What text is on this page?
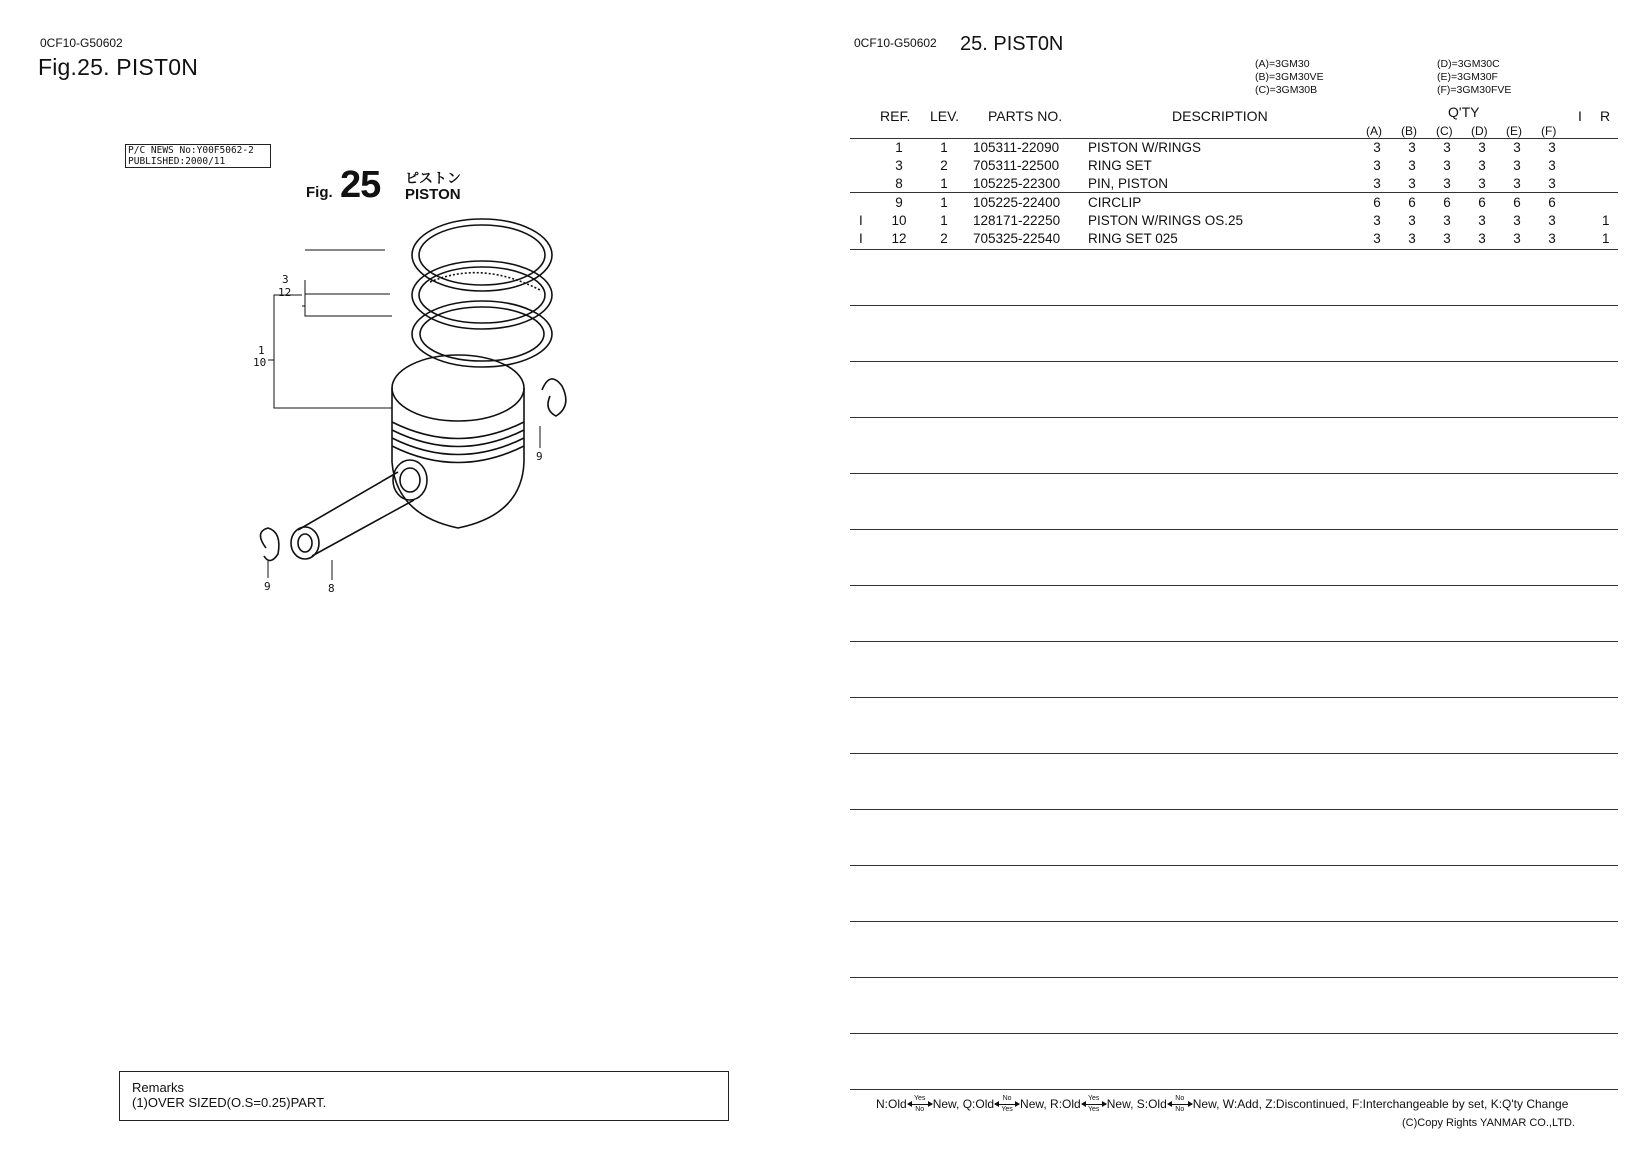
0CF10-G50602
Fig.25. PIST0N
P/C NEWS No:Y00F5062-2
PUBLISHED:2000/11
Fig. 25 ピストン
PISTON
3
12
1
10
9
8
9
Remarks
(1)OVER SIZED(O.S=0.25)PART.
0CF10-G50602 25. PIST0N
(A)=3GM30
(B)=3GM30VE
(C)=3GM30B
(D)=3GM30C
(E)=3GM30F
(F)=3GM30FVE
REF. LEV. PARTS NO.	DESCRIPTION	Q'TY	I R
(A) (B) (C) (D) (E) (F)
1	1 105311-22090 PISTON W/RINGS	3 3 3 3 3 3
3	2 705311-22500 RING SET	3 3 3 3 3 3
8	1 105225-22300 PIN, PISTON	3 3 3 3 3 3
9	1 105225-22400 CIRCLIP	6 6 6 6 6 6
I	10	1 128171-22250 PISTON W/RINGS OS.25	3 3 3 3 3 3	1
I	12	2 705325-22540 RING SET 025	3 3 3 3 3 3	1
N:Old	Yes
No New, Q:Old	No
Yes New, R:Old	Yes
Yes New, S:Old $\frac{No}{No}$ New, W:Add, Z:Discontinued, F:Interchangeable by set, K:Q'ty Change
(C)Copy Rights YANMAR CO.,LTD.
